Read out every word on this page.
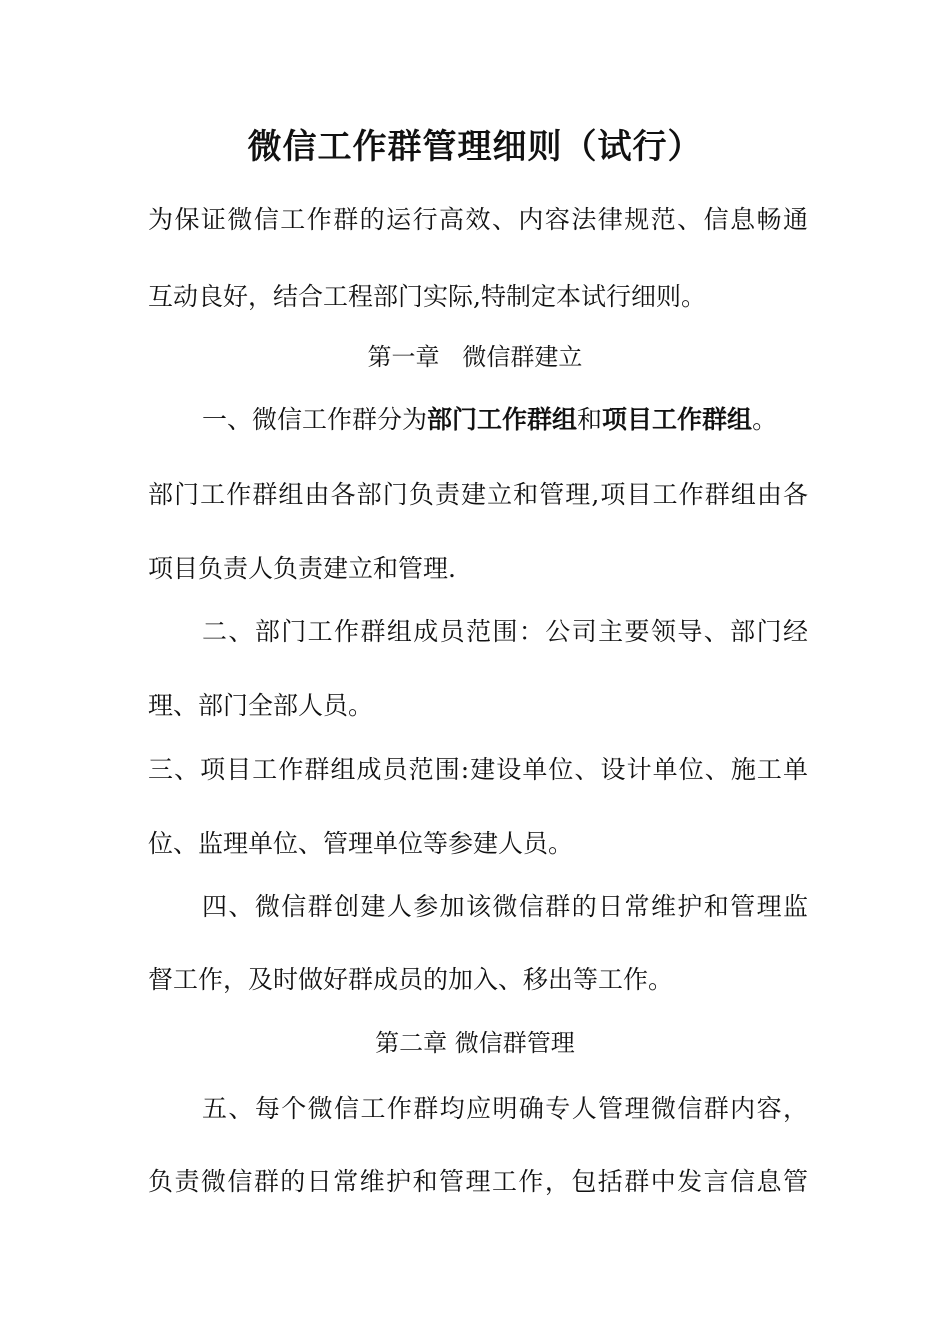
微信工作群管理细则（试行）
为保证微信工作群的运行高效、内容法律规范、信息畅通
互动良好，结合工程部门实际,特制定本试行细则。
第一章   微信群建立
一、微信工作群分为部门工作群组和项目工作群组。
部门工作群组由各部门负责建立和管理,项目工作群组由各
项目负责人负责建立和管理.
二、部门工作群组成员范围：公司主要领导、部门经
理、部门全部人员。
三、项目工作群组成员范围:建设单位、设计单位、施工单
位、监理单位、管理单位等参建人员。
四、微信群创建人参加该微信群的日常维护和管理监
督工作，及时做好群成员的加入、移出等工作。
第二章 微信群管理
五、每个微信工作群均应明确专人管理微信群内容，
负责微信群的日常维护和管理工作，包括群中发言信息管
